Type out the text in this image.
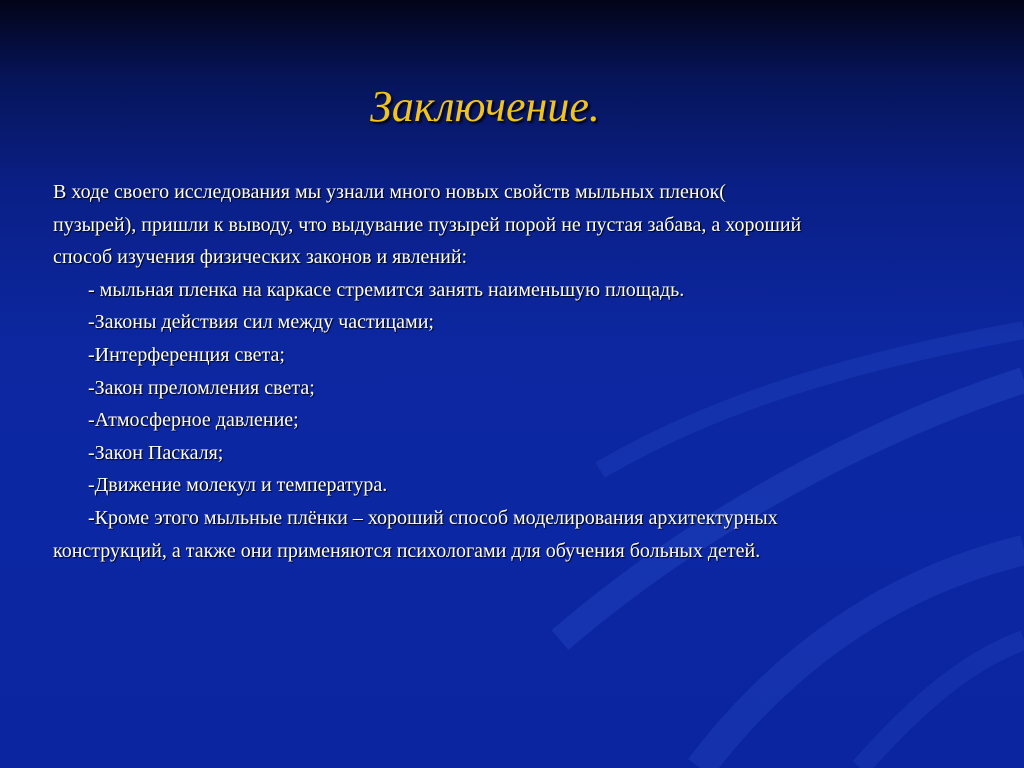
Заключение.
В ходе своего исследования мы узнали много новых свойств мыльных пленок(
пузырей), пришли к выводу, что выдувание пузырей порой не пустая забава, а хороший
способ изучения физических законов и явлений:
- мыльная пленка на каркасе стремится занять наименьшую площадь.
-Законы действия сил между частицами;
-Интерференция света;
-Закон преломления света;
-Атмосферное давление;
-Закон Паскаля;
-Движение молекул и температура.
-Кроме этого мыльные плёнки – хороший способ моделирования архитектурных
конструкций, а также они применяются психологами для обучения больных детей.
